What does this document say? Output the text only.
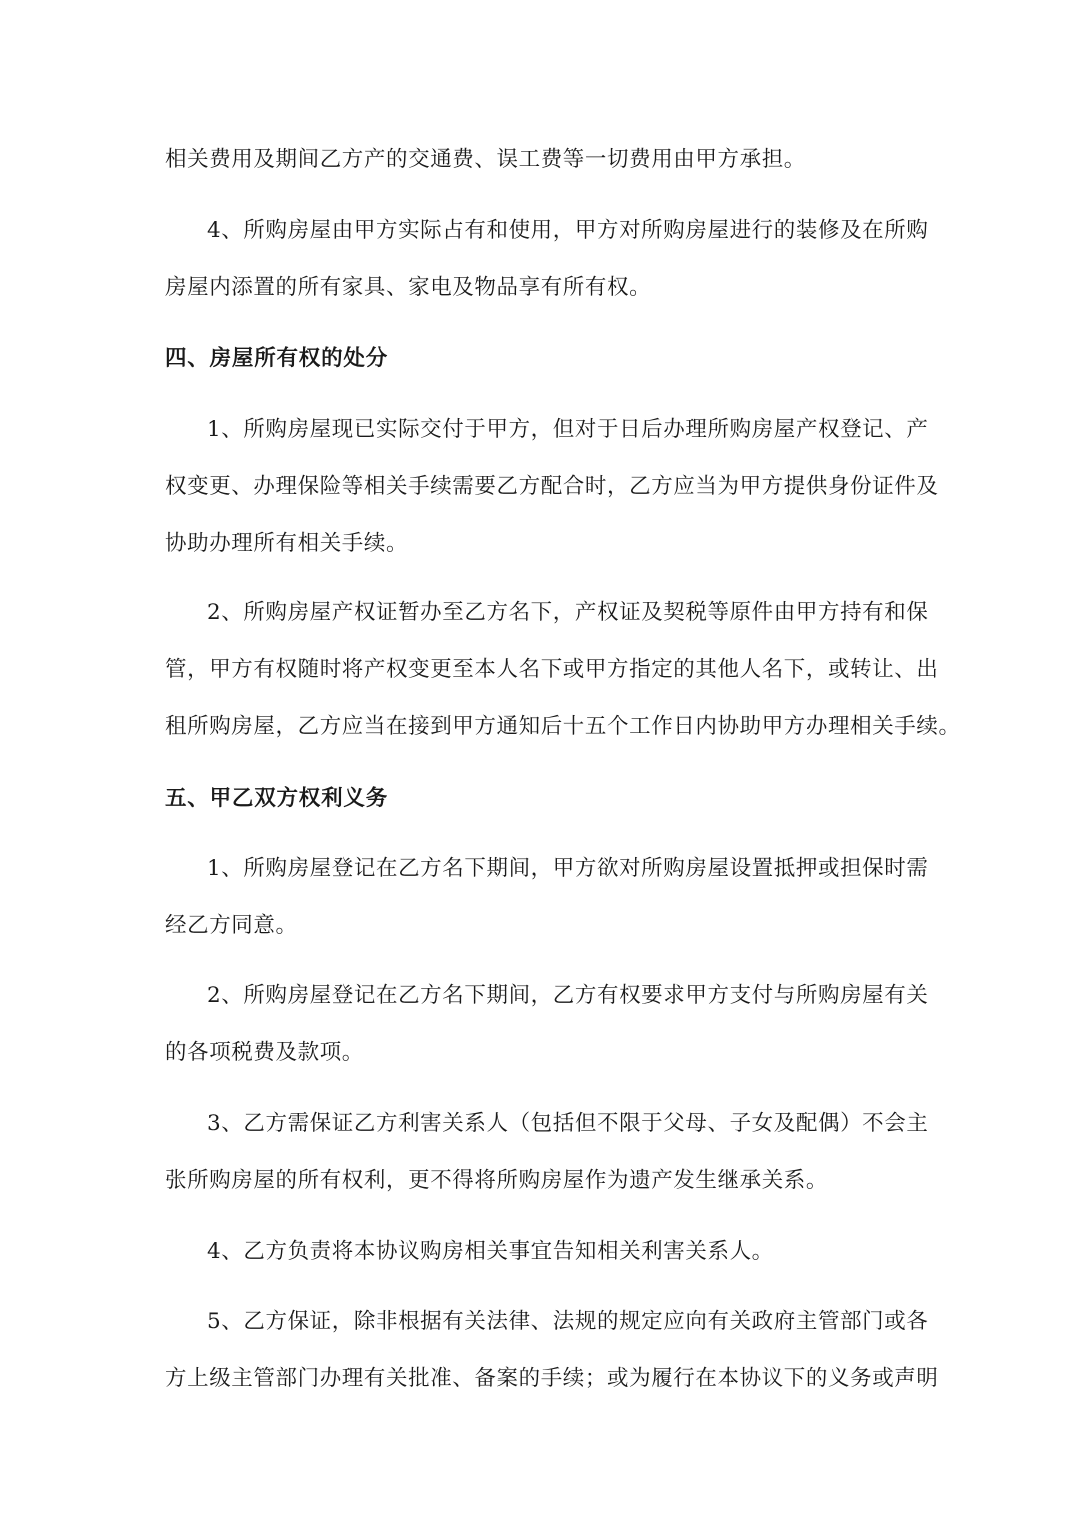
相关费用及期间乙方产的交通费、误工费等一切费用由甲方承担。
4、所购房屋由甲方实际占有和使用，甲方对所购房屋进行的装修及在所购
房屋内添置的所有家具、家电及物品享有所有权。
四、房屋所有权的处分
1、所购房屋现已实际交付于甲方，但对于日后办理所购房屋产权登记、产
权变更、办理保险等相关手续需要乙方配合时，乙方应当为甲方提供身份证件及
协助办理所有相关手续。
2、所购房屋产权证暂办至乙方名下，产权证及契税等原件由甲方持有和保
管，甲方有权随时将产权变更至本人名下或甲方指定的其他人名下，或转让、出
租所购房屋，乙方应当在接到甲方通知后十五个工作日内协助甲方办理相关手续。
五、甲乙双方权利义务
1、所购房屋登记在乙方名下期间，甲方欲对所购房屋设置抵押或担保时需
经乙方同意。
2、所购房屋登记在乙方名下期间，乙方有权要求甲方支付与所购房屋有关
的各项税费及款项。
3、乙方需保证乙方利害关系人（包括但不限于父母、子女及配偶）不会主
张所购房屋的所有权利，更不得将所购房屋作为遗产发生继承关系。
4、乙方负责将本协议购房相关事宜告知相关利害关系人。
5、乙方保证，除非根据有关法律、法规的规定应向有关政府主管部门或各
方上级主管部门办理有关批准、备案的手续；或为履行在本协议下的义务或声明
